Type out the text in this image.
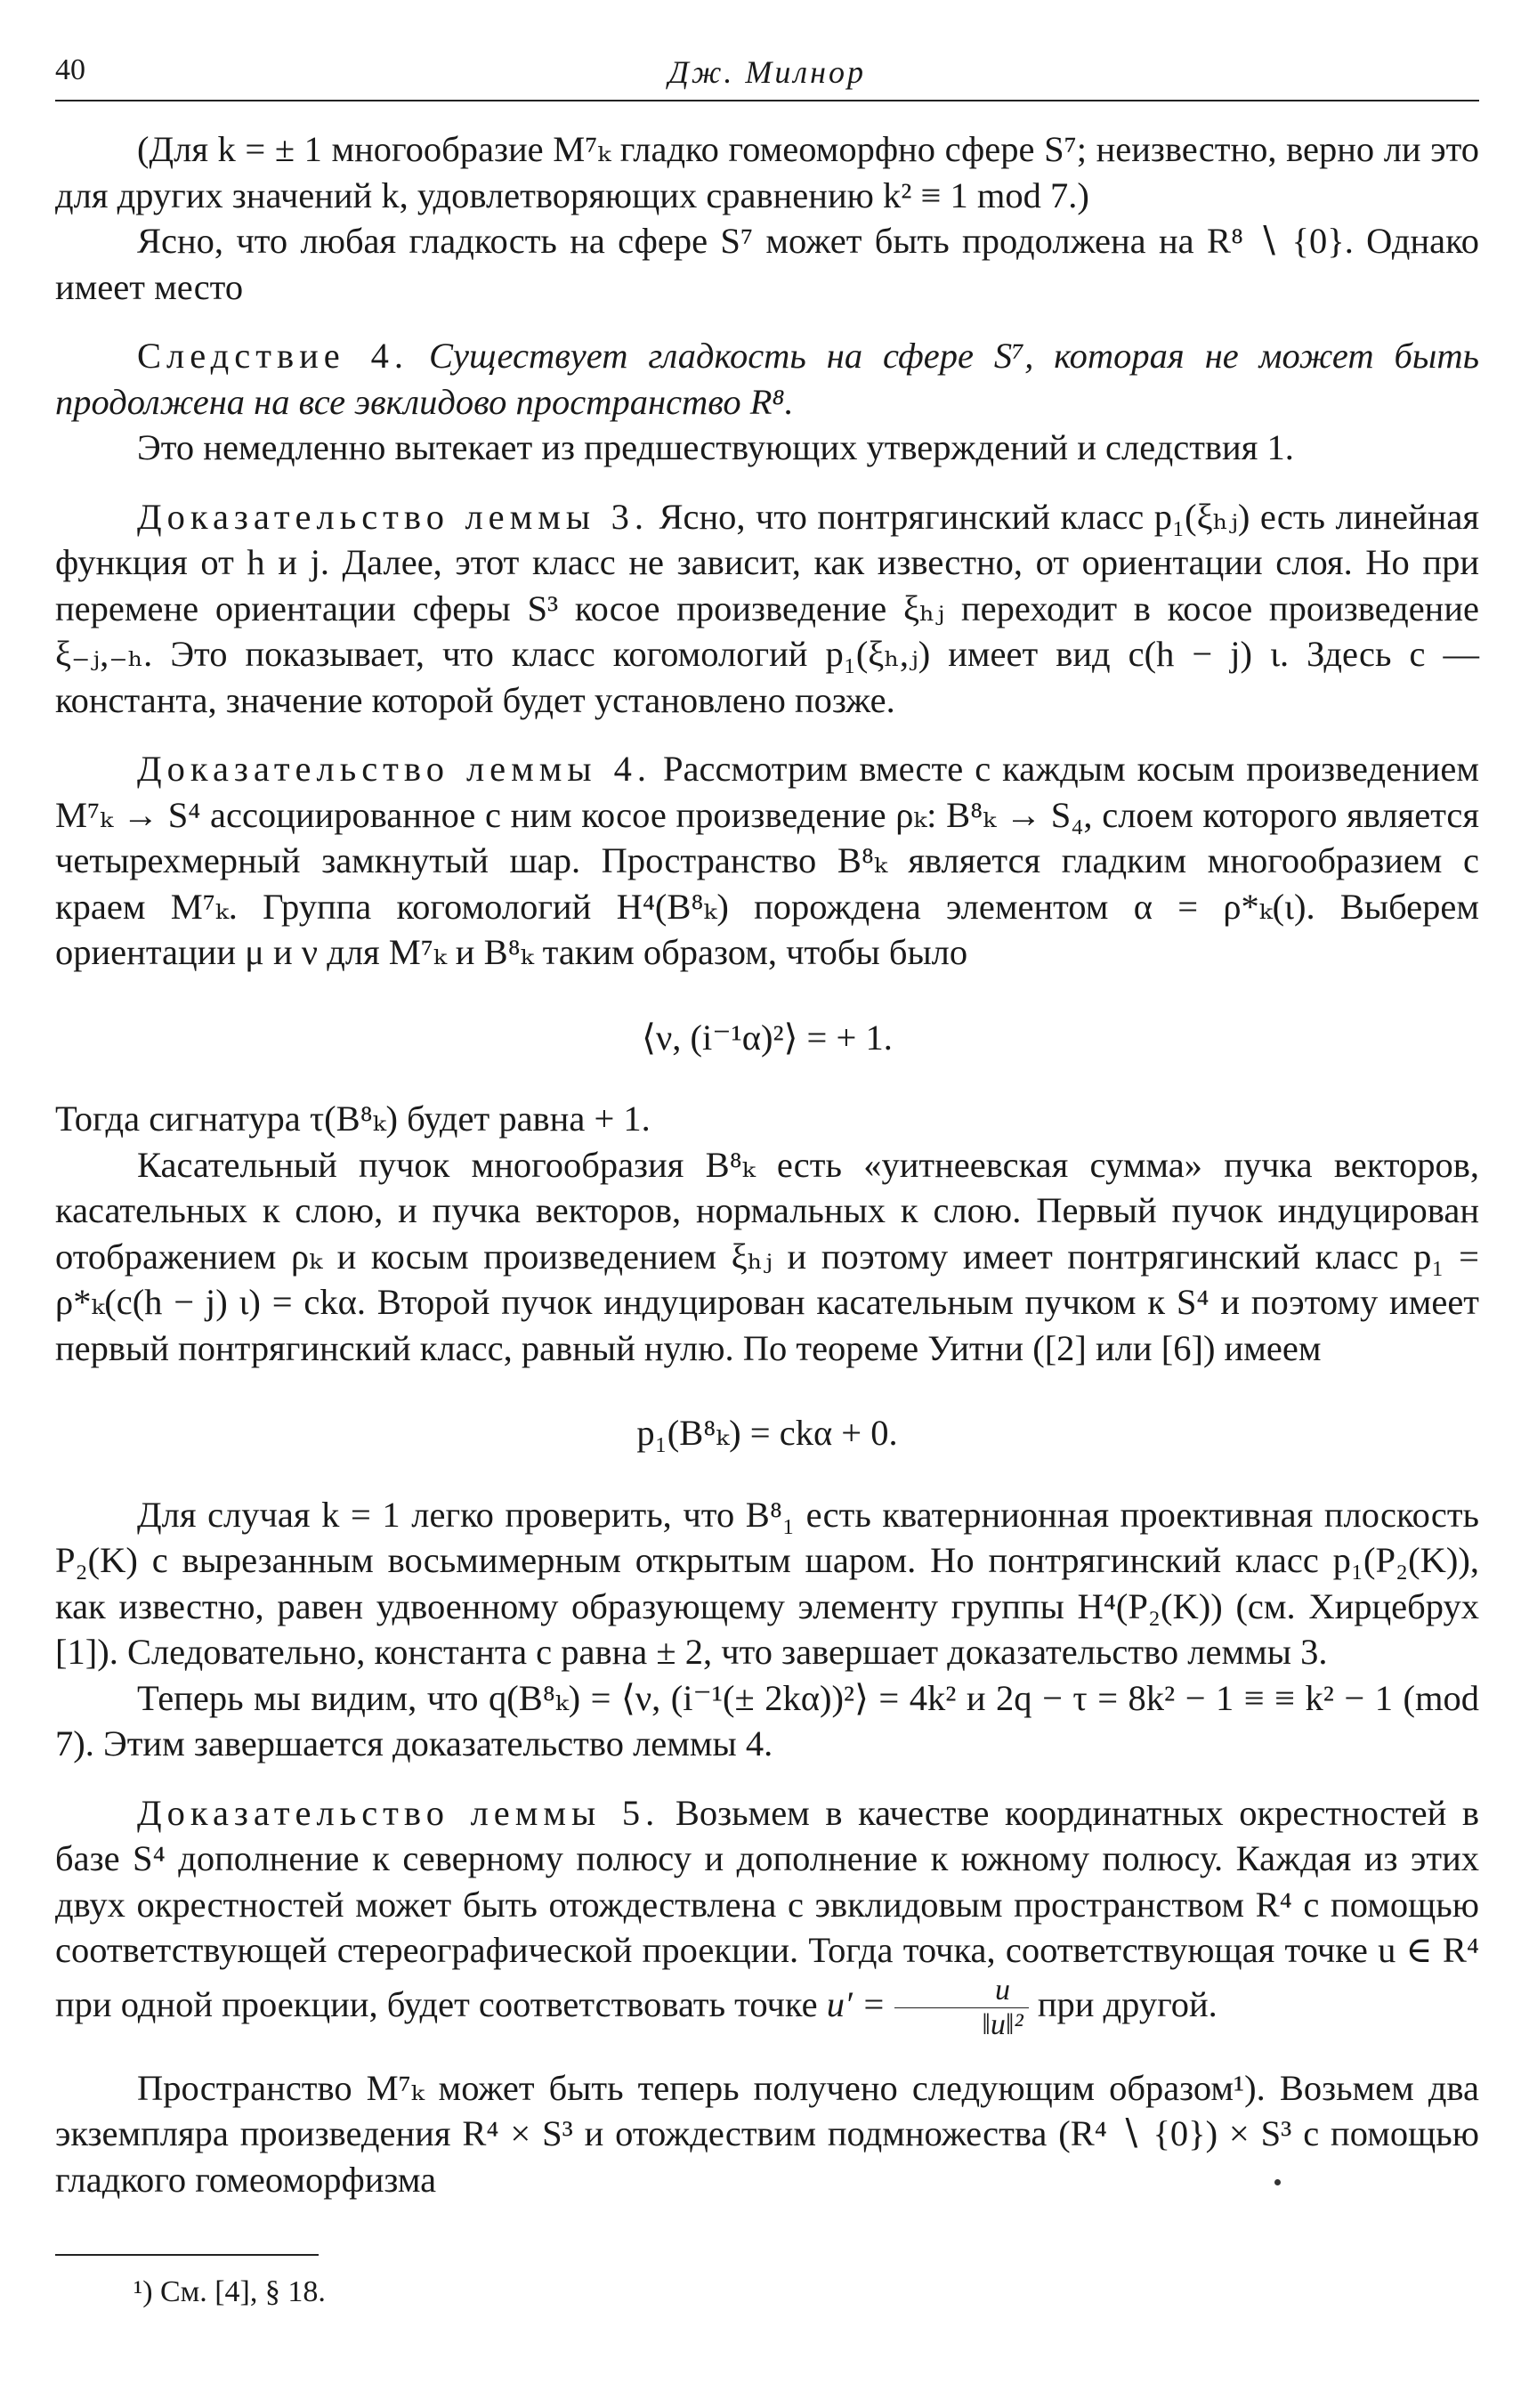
40	Дж. Милнор

(Для k = ± 1 многообразие M⁷ₖ гладко гомеоморфно сфере S⁷; неизвестно, верно ли это для других значений k, удовлетворяющих сравнению k² ≡ 1 mod 7.)

Ясно, что любая гладкость на сфере S⁷ может быть продолжена на R⁸ ∖ {0}. Однако имеет место

Следствие 4. Существует гладкость на сфере S⁷, которая не может быть продолжена на все эвклидово пространство R⁸.

Это немедленно вытекает из предшествующих утверждений и следствия 1.

Доказательство леммы 3. Ясно, что понтрягинский класс p₁(ξₕⱼ) есть линейная функция от h и j. Далее, этот класс не зависит, как известно, от ориентации слоя. Но при перемене ориентации сферы S³ косое произведение ξₕⱼ переходит в косое произведение ξ₋ⱼ,₋ₕ. Это показывает, что класс когомологий p₁(ξₕ,ⱼ) имеет вид c(h − j) ι. Здесь c — константа, значение которой будет установлено позже.

Доказательство леммы 4. Рассмотрим вместе с каждым косым произведением M⁷ₖ → S⁴ ассоциированное с ним косое произведение ρₖ: B⁸ₖ → S₄, слоем которого является четырехмерный замкнутый шар. Пространство B⁸ₖ является гладким многообразием с краем M⁷ₖ. Группа когомологий H⁴(B⁸ₖ) порождена элементом α = ρ*ₖ(ι). Выберем ориентации μ и ν для M⁷ₖ и B⁸ₖ таким образом, чтобы было

⟨ν, (i⁻¹α)²⟩ = + 1.

Тогда сигнатура τ(B⁸ₖ) будет равна + 1.

Касательный пучок многообразия B⁸ₖ есть «уитнеевская сумма» пучка векторов, касательных к слою, и пучка векторов, нормальных к слою. Первый пучок индуцирован отображением ρₖ и косым произведением ξₕⱼ и поэтому имеет понтрягинский класс p₁ = ρ*ₖ(c(h − j) ι) = ckα. Второй пучок индуцирован касательным пучком к S⁴ и поэтому имеет первый понтрягинский класс, равный нулю. По теореме Уитни ([2] или [6]) имеем

p₁(B⁸ₖ) = ckα + 0.

Для случая k = 1 легко проверить, что B⁸₁ есть кватернионная проективная плоскость P₂(K) с вырезанным восьмимерным открытым шаром. Но понтрягинский класс p₁(P₂(K)), как известно, равен удвоенному образующему элементу группы H⁴(P₂(K)) (см. Хирцебрух [1]). Следовательно, константа c равна ± 2, что завершает доказательство леммы 3.

Теперь мы видим, что q(B⁸ₖ) = ⟨ν, (i⁻¹(± 2kα))²⟩ = 4k² и 2q − τ = 8k² − 1 ≡ ≡ k² − 1 (mod 7). Этим завершается доказательство леммы 4.

Доказательство леммы 5. Возьмем в качестве координатных окрестностей в базе S⁴ дополнение к северному полюсу и дополнение к южному полюсу. Каждая из этих двух окрестностей может быть отождествлена с эвклидовым пространством R⁴ с помощью соответствующей стереографической проекции. Тогда точка, соответствующая точке u ∈ R⁴ при одной проекции, будет соответствовать точке $u' = \frac{u}{\text{‖u‖²}}$ при другой.

Пространство M⁷ₖ может быть теперь получено следующим образом¹). Возьмем два экземпляра произведения R⁴ × S³ и отождествим подмножества (R⁴ ∖ {0}) × S³ с помощью гладкого гомеоморфизма

¹) См. [4], § 18.
